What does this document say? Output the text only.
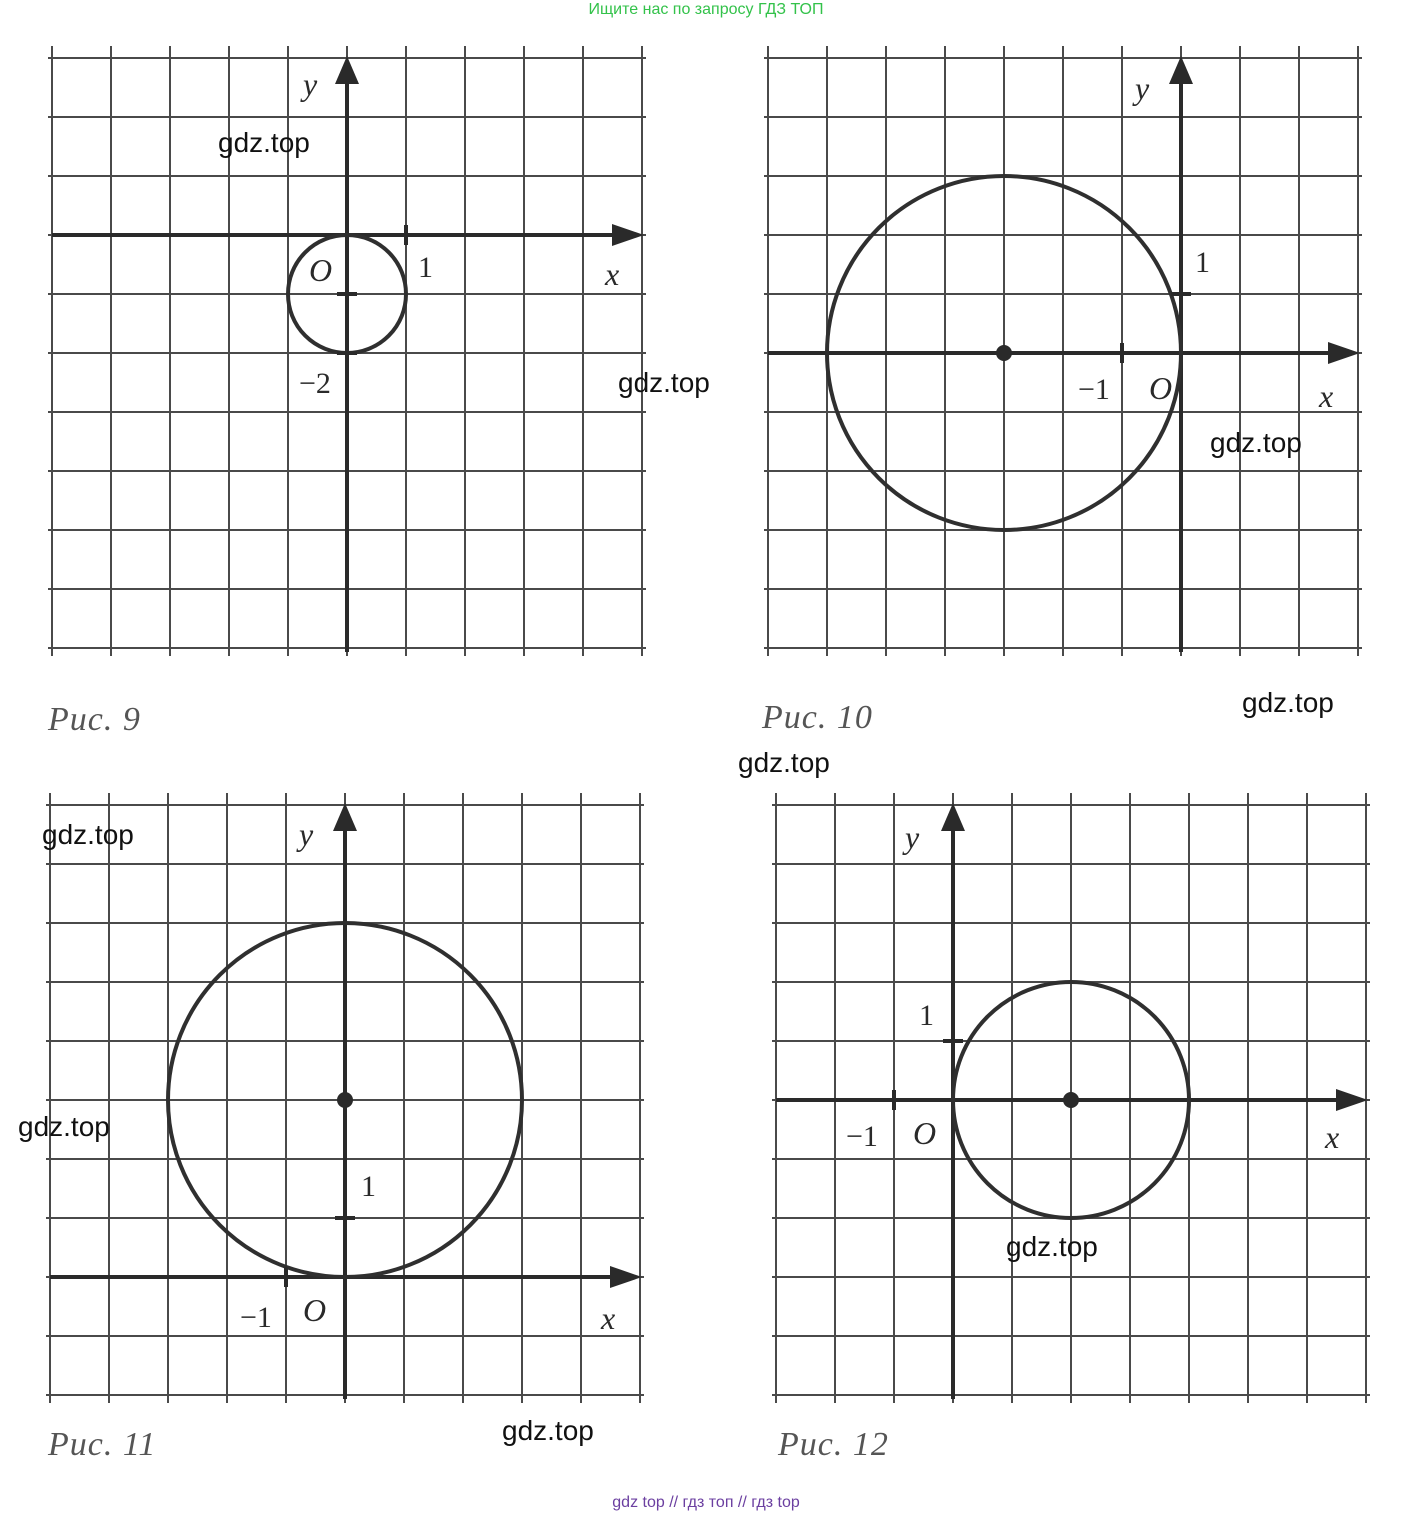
Ищите нас по запросу ГДЗ ТОП
1
−2
O	x
y
Рис. 9
1
−1 O	x
y
Рис. 10
1
−1 O	x
y
Рис. 11
1
−1 O	x
y
Рис. 12
gdz.top
gdz.top
gdz.top
gdz.top
gdz.top
gdz.top
gdz.top
gdz.top
gdz.top
gdz top // гдз топ // гдз top
